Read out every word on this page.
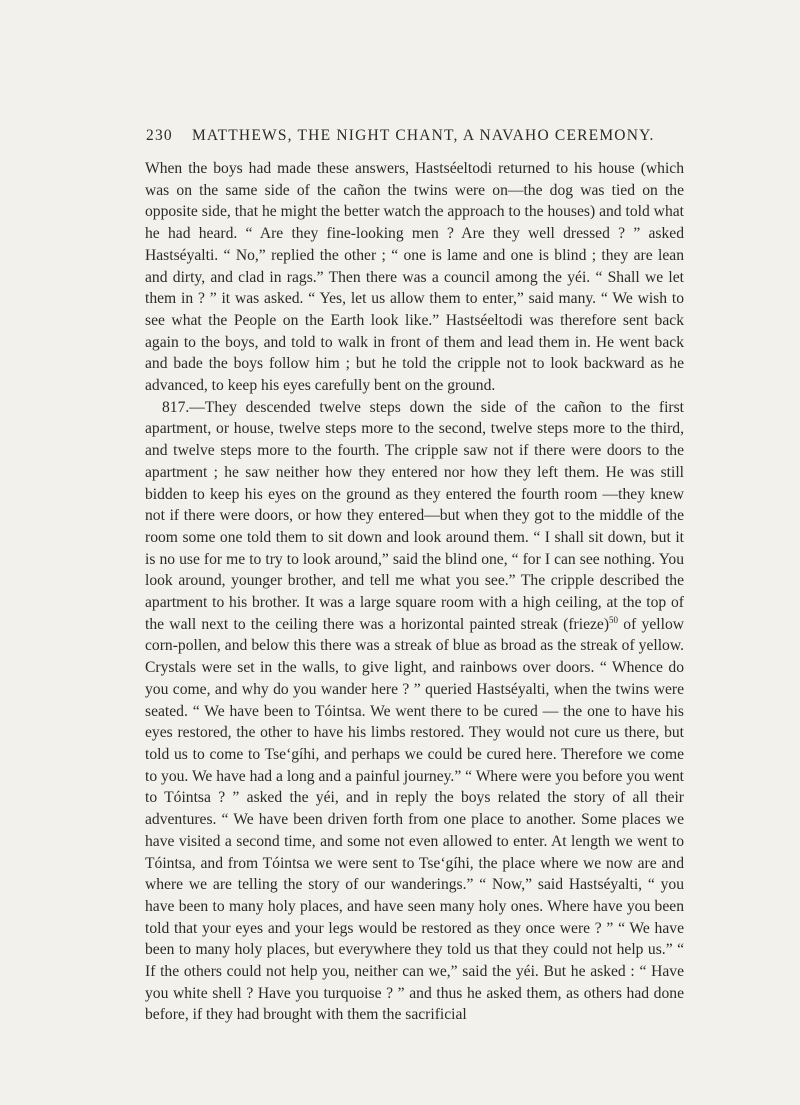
230 MATTHEWS, THE NIGHT CHANT, A NAVAHO CEREMONY.

When the boys had made these answers, Hastséeltodi returned to his house (which was on the same side of the cañon the twins were on—the dog was tied on the opposite side, that he might the better watch the approach to the houses) and told what he had heard. “ Are they fine-looking men ? Are they well dressed ? ” asked Hastséyalti. “ No,” replied the other ; “ one is lame and one is blind ; they are lean and dirty, and clad in rags.” Then there was a council among the yéi. “ Shall we let them in ? ” it was asked. “ Yes, let us allow them to enter,” said many. “ We wish to see what the People on the Earth look like.” Hastséeltodi was therefore sent back again to the boys, and told to walk in front of them and lead them in. He went back and bade the boys follow him ; but he told the cripple not to look backward as he advanced, to keep his eyes carefully bent on the ground.

817.—They descended twelve steps down the side of the cañon to the first apartment, or house, twelve steps more to the second, twelve steps more to the third, and twelve steps more to the fourth. The cripple saw not if there were doors to the apartment ; he saw neither how they entered nor how they left them. He was still bidden to keep his eyes on the ground as they entered the fourth room —they knew not if there were doors, or how they entered—but when they got to the middle of the room some one told them to sit down and look around them. “ I shall sit down, but it is no use for me to try to look around,” said the blind one, “ for I can see nothing. You look around, younger brother, and tell me what you see.” The cripple described the apartment to his brother. It was a large square room with a high ceiling, at the top of the wall next to the ceiling there was a horizontal painted streak (frieze)$^{50}$ of yellow corn-pollen, and below this there was a streak of blue as broad as the streak of yellow. Crystals were set in the walls, to give light, and rainbows over doors. “ Whence do you come, and why do you wander here ? ” queried Hastséyalti, when the twins were seated. “ We have been to Tóintsa. We went there to be cured — the one to have his eyes restored, the other to have his limbs restored. They would not cure us there, but told us to come to Tse‘gíhi, and perhaps we could be cured here. Therefore we come to you. We have had a long and a painful journey.” “ Where were you before you went to Tóintsa ? ” asked the yéi, and in reply the boys related the story of all their adventures. “ We have been driven forth from one place to another. Some places we have visited a second time, and some not even allowed to enter. At length we went to Tóintsa, and from Tóintsa we were sent to Tse‘gíhi, the place where we now are and where we are telling the story of our wanderings.” “ Now,” said Hastséyalti, “ you have been to many holy places, and have seen many holy ones. Where have you been told that your eyes and your legs would be restored as they once were ? ” “ We have been to many holy places, but everywhere they told us that they could not help us.” “ If the others could not help you, neither can we,” said the yéi. But he asked : “ Have you white shell ? Have you turquoise ? ” and thus he asked them, as others had done before, if they had brought with them the sacrificial
